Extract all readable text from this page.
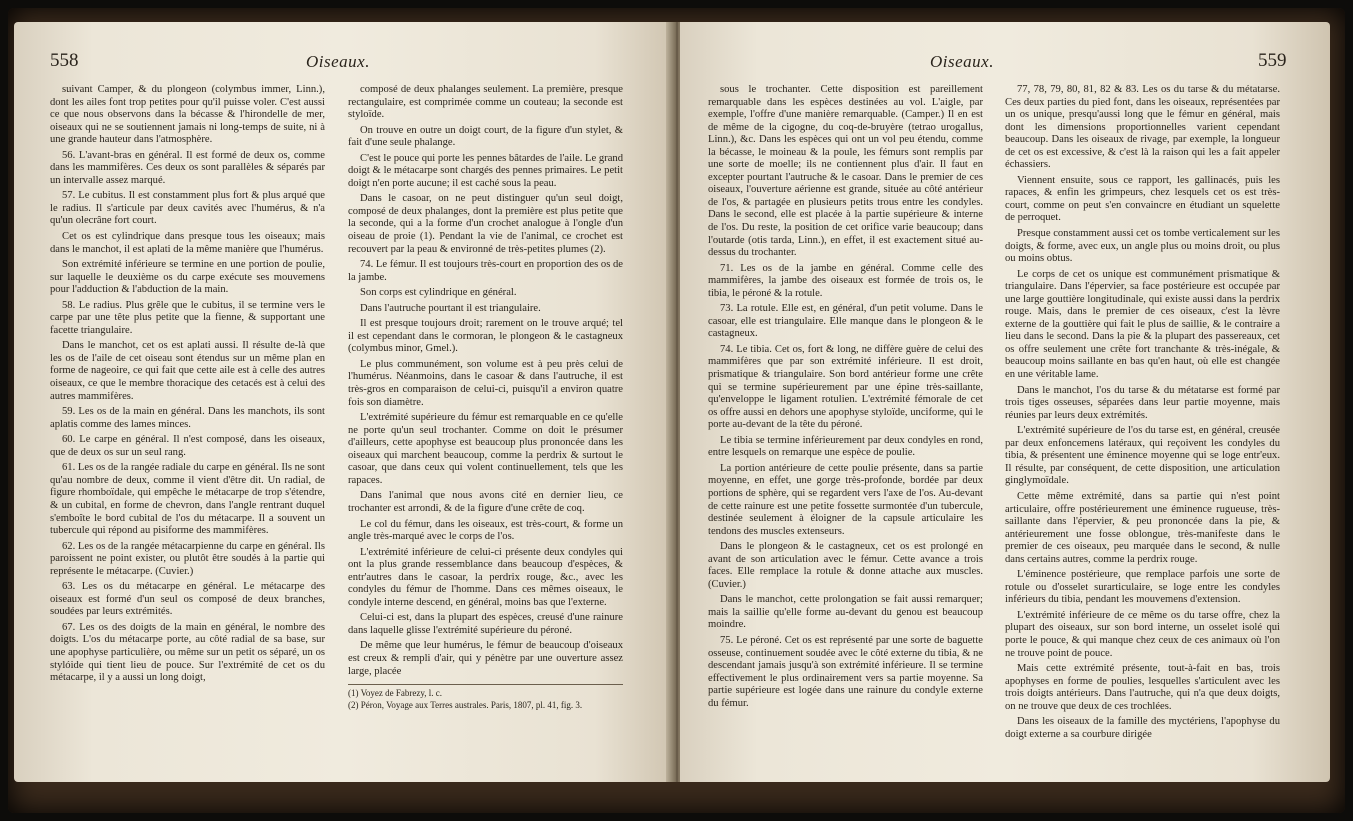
558	Oiseaux.

suivant Camper, & du plongeon (colymbus immer, Linn.), dont les ailes font trop petites pour qu'il puisse voler. C'est aussi ce que nous observons dans la bécasse & l'hirondelle de mer, oiseaux qui ne se soutiennent jamais ni long-temps de suite, ni à une grande hauteur dans l'atmosphère.

56. L'avant-bras en général. Il est formé de deux os, comme dans les mammifères. Ces deux os sont parallèles & séparés par un intervalle assez marqué.

57. Le cubitus. Il est constamment plus fort & plus arqué que le radius. Il s'articule par deux cavités avec l'humérus, & n'a qu'un olecrâne fort court.

Cet os est cylindrique dans presque tous les oiseaux; mais dans le manchot, il est aplati de la même manière que l'humérus.

Son extrémité inférieure se termine en une portion de poulie, sur laquelle le deuxième os du carpe exécute ses mouvemens pour l'adduction & l'abduction de la main.

58. Le radius. Plus grêle que le cubitus, il se termine vers le carpe par une tête plus petite que la fienne, & supportant une facette triangulaire.

Dans le manchot, cet os est aplati aussi. Il résulte de-là que les os de l'aile de cet oiseau sont étendus sur un même plan en forme de nageoire, ce qui fait que cette aile est à celle des autres oiseaux, ce que le membre thoracique des cetacés est à celui des autres mammifères.

59. Les os de la main en général. Dans les manchots, ils sont aplatis comme des lames minces.

60. Le carpe en général. Il n'est composé, dans les oiseaux, que de deux os sur un seul rang.

61. Les os de la rangée radiale du carpe en général. Ils ne sont qu'au nombre de deux, comme il vient d'être dit. Un radial, de figure rhomboïdale, qui empêche le métacarpe de trop s'étendre, & un cubital, en forme de chevron, dans l'angle rentrant duquel s'emboîte le bord cubital de l'os du métacarpe. Il a souvent un tubercule qui répond au pisiforme des mammifères.

62. Les os de la rangée métacarpienne du carpe en général. Ils paroissent ne point exister, ou plutôt être soudés à la partie qui représente le métacarpe. (Cuvier.)

63. Les os du métacarpe en général. Le métacarpe des oiseaux est formé d'un seul os composé de deux branches, soudées par leurs extrémités.

67. Les os des doigts de la main en général, le nombre des doigts. L'os du métacarpe porte, au côté radial de sa base, sur une apophyse particulière, ou même sur un petit os séparé, un os stylóide qui tient lieu de pouce. Sur l'extrémité de cet os du métacarpe, il y a aussi un long doigt,

composé de deux phalanges seulement. La première, presque rectangulaire, est comprimée comme un couteau; la seconde est styloïde.

On trouve en outre un doigt court, de la figure d'un stylet, & fait d'une seule phalange.

C'est le pouce qui porte les pennes bâtardes de l'aile. Le grand doigt & le métacarpe sont chargés des pennes primaires. Le petit doigt n'en porte aucune; il est caché sous la peau.

Dans le casoar, on ne peut distinguer qu'un seul doigt, composé de deux phalanges, dont la première est plus petite que la seconde, qui a la forme d'un crochet analogue à l'ongle d'un oiseau de proie (1). Pendant la vie de l'animal, ce crochet est recouvert par la peau & environné de très-petites plumes (2).

74. Le fémur. Il est toujours très-court en proportion des os de la jambe.

Son corps est cylindrique en général.

Dans l'autruche pourtant il est triangulaire.

Il est presque toujours droit; rarement on le trouve arqué; tel il est cependant dans le cormoran, le plongeon & le castagneux (colymbus minor, Gmel.).

Le plus communément, son volume est à peu près celui de l'humérus. Néanmoins, dans le casoar & dans l'autruche, il est très-gros en comparaison de celui-ci, puisqu'il a environ quatre fois son diamètre.

L'extrémité supérieure du fémur est remarquable en ce qu'elle ne porte qu'un seul trochanter. Comme on doit le présumer d'ailleurs, cette apophyse est beaucoup plus prononcée dans les oiseaux qui marchent beaucoup, comme la perdrix & surtout le casoar, que dans ceux qui volent continuellement, tels que les rapaces.

Dans l'animal que nous avons cité en dernier lieu, ce trochanter est arrondi, & de la figure d'une crête de coq.

Le col du fémur, dans les oiseaux, est très-court, & forme un angle très-marqué avec le corps de l'os.

L'extrémité inférieure de celui-ci présente deux condyles qui ont la plus grande ressemblance dans beaucoup d'espèces, & entr'autres dans le casoar, la perdrix rouge, &c., avec les condyles du fémur de l'homme. Dans ces mêmes oiseaux, le condyle interne descend, en général, moins bas que l'externe.

Celui-ci est, dans la plupart des espèces, creusé d'une rainure dans laquelle glisse l'extrémité supérieure du péroné.

De même que leur humérus, le fémur de beaucoup d'oiseaux est creux & rempli d'air, qui y pénètre par une ouverture assez large, placée

(1) Voyez de Fabrezy, l. c.
(2) Péron, Voyage aux Terres australes. Paris, 1807, pl. 41, fig. 3.
Oiseaux.	559

sous le trochanter. Cette disposition est pareillement remarquable dans les espèces destinées au vol. L'aigle, par exemple, l'offre d'une manière remarquable. (Camper.) Il en est de même de la cigogne, du coq-de-bruyère (tetrao urogallus, Linn.), &c. Dans les espèces qui ont un vol peu étendu, comme la bécasse, le moineau & la poule, les fémurs sont remplis par une sorte de moelle; ils ne contiennent plus d'air. Il faut en excepter pourtant l'autruche & le casoar. Dans le premier de ces oiseaux, l'ouverture aérienne est grande, située au côté antérieur de l'os, & partagée en plusieurs petits trous entre les condyles. Dans le second, elle est placée à la partie supérieure & interne de l'os. Du reste, la position de cet orifice varie beaucoup; dans l'outarde (otis tarda, Linn.), en effet, il est exactement situé au-dessus du trochanter.

71. Les os de la jambe en général. Comme celle des mammifères, la jambe des oiseaux est formée de trois os, le tibia, le péroné & la rotule.

73. La rotule. Elle est, en général, d'un petit volume. Dans le casoar, elle est triangulaire. Elle manque dans le plongeon & le castagneux.

74. Le tibia. Cet os, fort & long, ne diffère guère de celui des mammifères que par son extrémité inférieure. Il est droit, prismatique & triangulaire. Son bord antérieur forme une crête qui se termine supérieurement par une épine très-saillante, qu'enveloppe le ligament rotulien. L'extrémité fémorale de cet os offre aussi en dehors une apophyse styloïde, unciforme, qui le porte au-devant de la tête du péroné.

Le tibia se termine inférieurement par deux condyles en rond, entre lesquels on remarque une espèce de poulie.

La portion antérieure de cette poulie présente, dans sa partie moyenne, en effet, une gorge très-profonde, bordée par deux portions de sphère, qui se regardent vers l'axe de l'os. Au-devant de cette rainure est une petite fossette surmontée d'un tubercule, destinée seulement à éloigner de la capsule articulaire les tendons des muscles extenseurs.

Dans le plongeon & le castagneux, cet os est prolongé en avant de son articulation avec le fémur. Cette avance a trois faces. Elle remplace la rotule & donne attache aux muscles. (Cuvier.)

Dans le manchot, cette prolongation se fait aussi remarquer; mais la saillie qu'elle forme au-devant du genou est beaucoup moindre.

75. Le péroné. Cet os est représenté par une sorte de baguette osseuse, continuement soudée avec le côté externe du tibia, & ne descendant jamais jusqu'à son extrémité inférieure. Il se termine effectivement le plus ordinairement vers sa partie moyenne. Sa partie supérieure est logée dans une rainure du condyle externe du fémur.

77, 78, 79, 80, 81, 82 & 83. Les os du tarse & du métatarse. Ces deux parties du pied font, dans les oiseaux, représentées par un os unique, presqu'aussi long que le fémur en général, mais dont les dimensions proportionnelles varient cependant beaucoup. Dans les oiseaux de rivage, par exemple, la longueur de cet os est excessive, & c'est là la raison qui les a fait appeler échassiers.

Viennent ensuite, sous ce rapport, les gallinacés, puis les rapaces, & enfin les grimpeurs, chez lesquels cet os est très-court, comme on peut s'en convaincre en étudiant un squelette de perroquet.

Presque constamment aussi cet os tombe verticalement sur les doigts, & forme, avec eux, un angle plus ou moins droit, ou plus ou moins obtus.

Le corps de cet os unique est communément prismatique & triangulaire. Dans l'épervier, sa face postérieure est occupée par une large gouttière longitudinale, qui existe aussi dans la perdrix rouge. Mais, dans le premier de ces oiseaux, c'est la lèvre externe de la gouttière qui fait le plus de saillie, & le contraire a lieu dans le second. Dans la pie & la plupart des passereaux, cet os offre seulement une crête fort tranchante & très-inégale, & beaucoup moins saillante en bas qu'en haut, où elle est changée en une véritable lame.

Dans le manchot, l'os du tarse & du métatarse est formé par trois tiges osseuses, séparées dans leur partie moyenne, mais réunies par leurs deux extrémités.

L'extrémité supérieure de l'os du tarse est, en général, creusée par deux enfoncemens latéraux, qui reçoivent les condyles du tibia, & présentent une éminence moyenne qui se loge entr'eux. Il résulte, par conséquent, de cette disposition, une articulation ginglymoïdale.

Cette même extrémité, dans sa partie qui n'est point articulaire, offre postérieurement une éminence rugueuse, très-saillante dans l'épervier, & peu prononcée dans la pie, & antérieurement une fosse oblongue, très-manifeste dans le premier de ces oiseaux, peu marquée dans le second, & nulle dans certains autres, comme la perdrix rouge.

L'éminence postérieure, que remplace parfois une sorte de rotule ou d'osselet surarticulaire, se loge entre les condyles inférieurs du tibia, pendant les mouvemens d'extension.

L'extrémité inférieure de ce même os du tarse offre, chez la plupart des oiseaux, sur son bord interne, un osselet isolé qui porte le pouce, & qui manque chez ceux de ces animaux où l'on ne trouve point de pouce.

Mais cette extrémité présente, tout-à-fait en bas, trois apophyses en forme de poulies, lesquelles s'articulent avec les trois doigts antérieurs. Dans l'autruche, qui n'a que deux doigts, on ne trouve que deux de ces trochlées.

Dans les oiseaux de la famille des myctériens, l'apophyse du doigt externe a sa courbure dirigée
